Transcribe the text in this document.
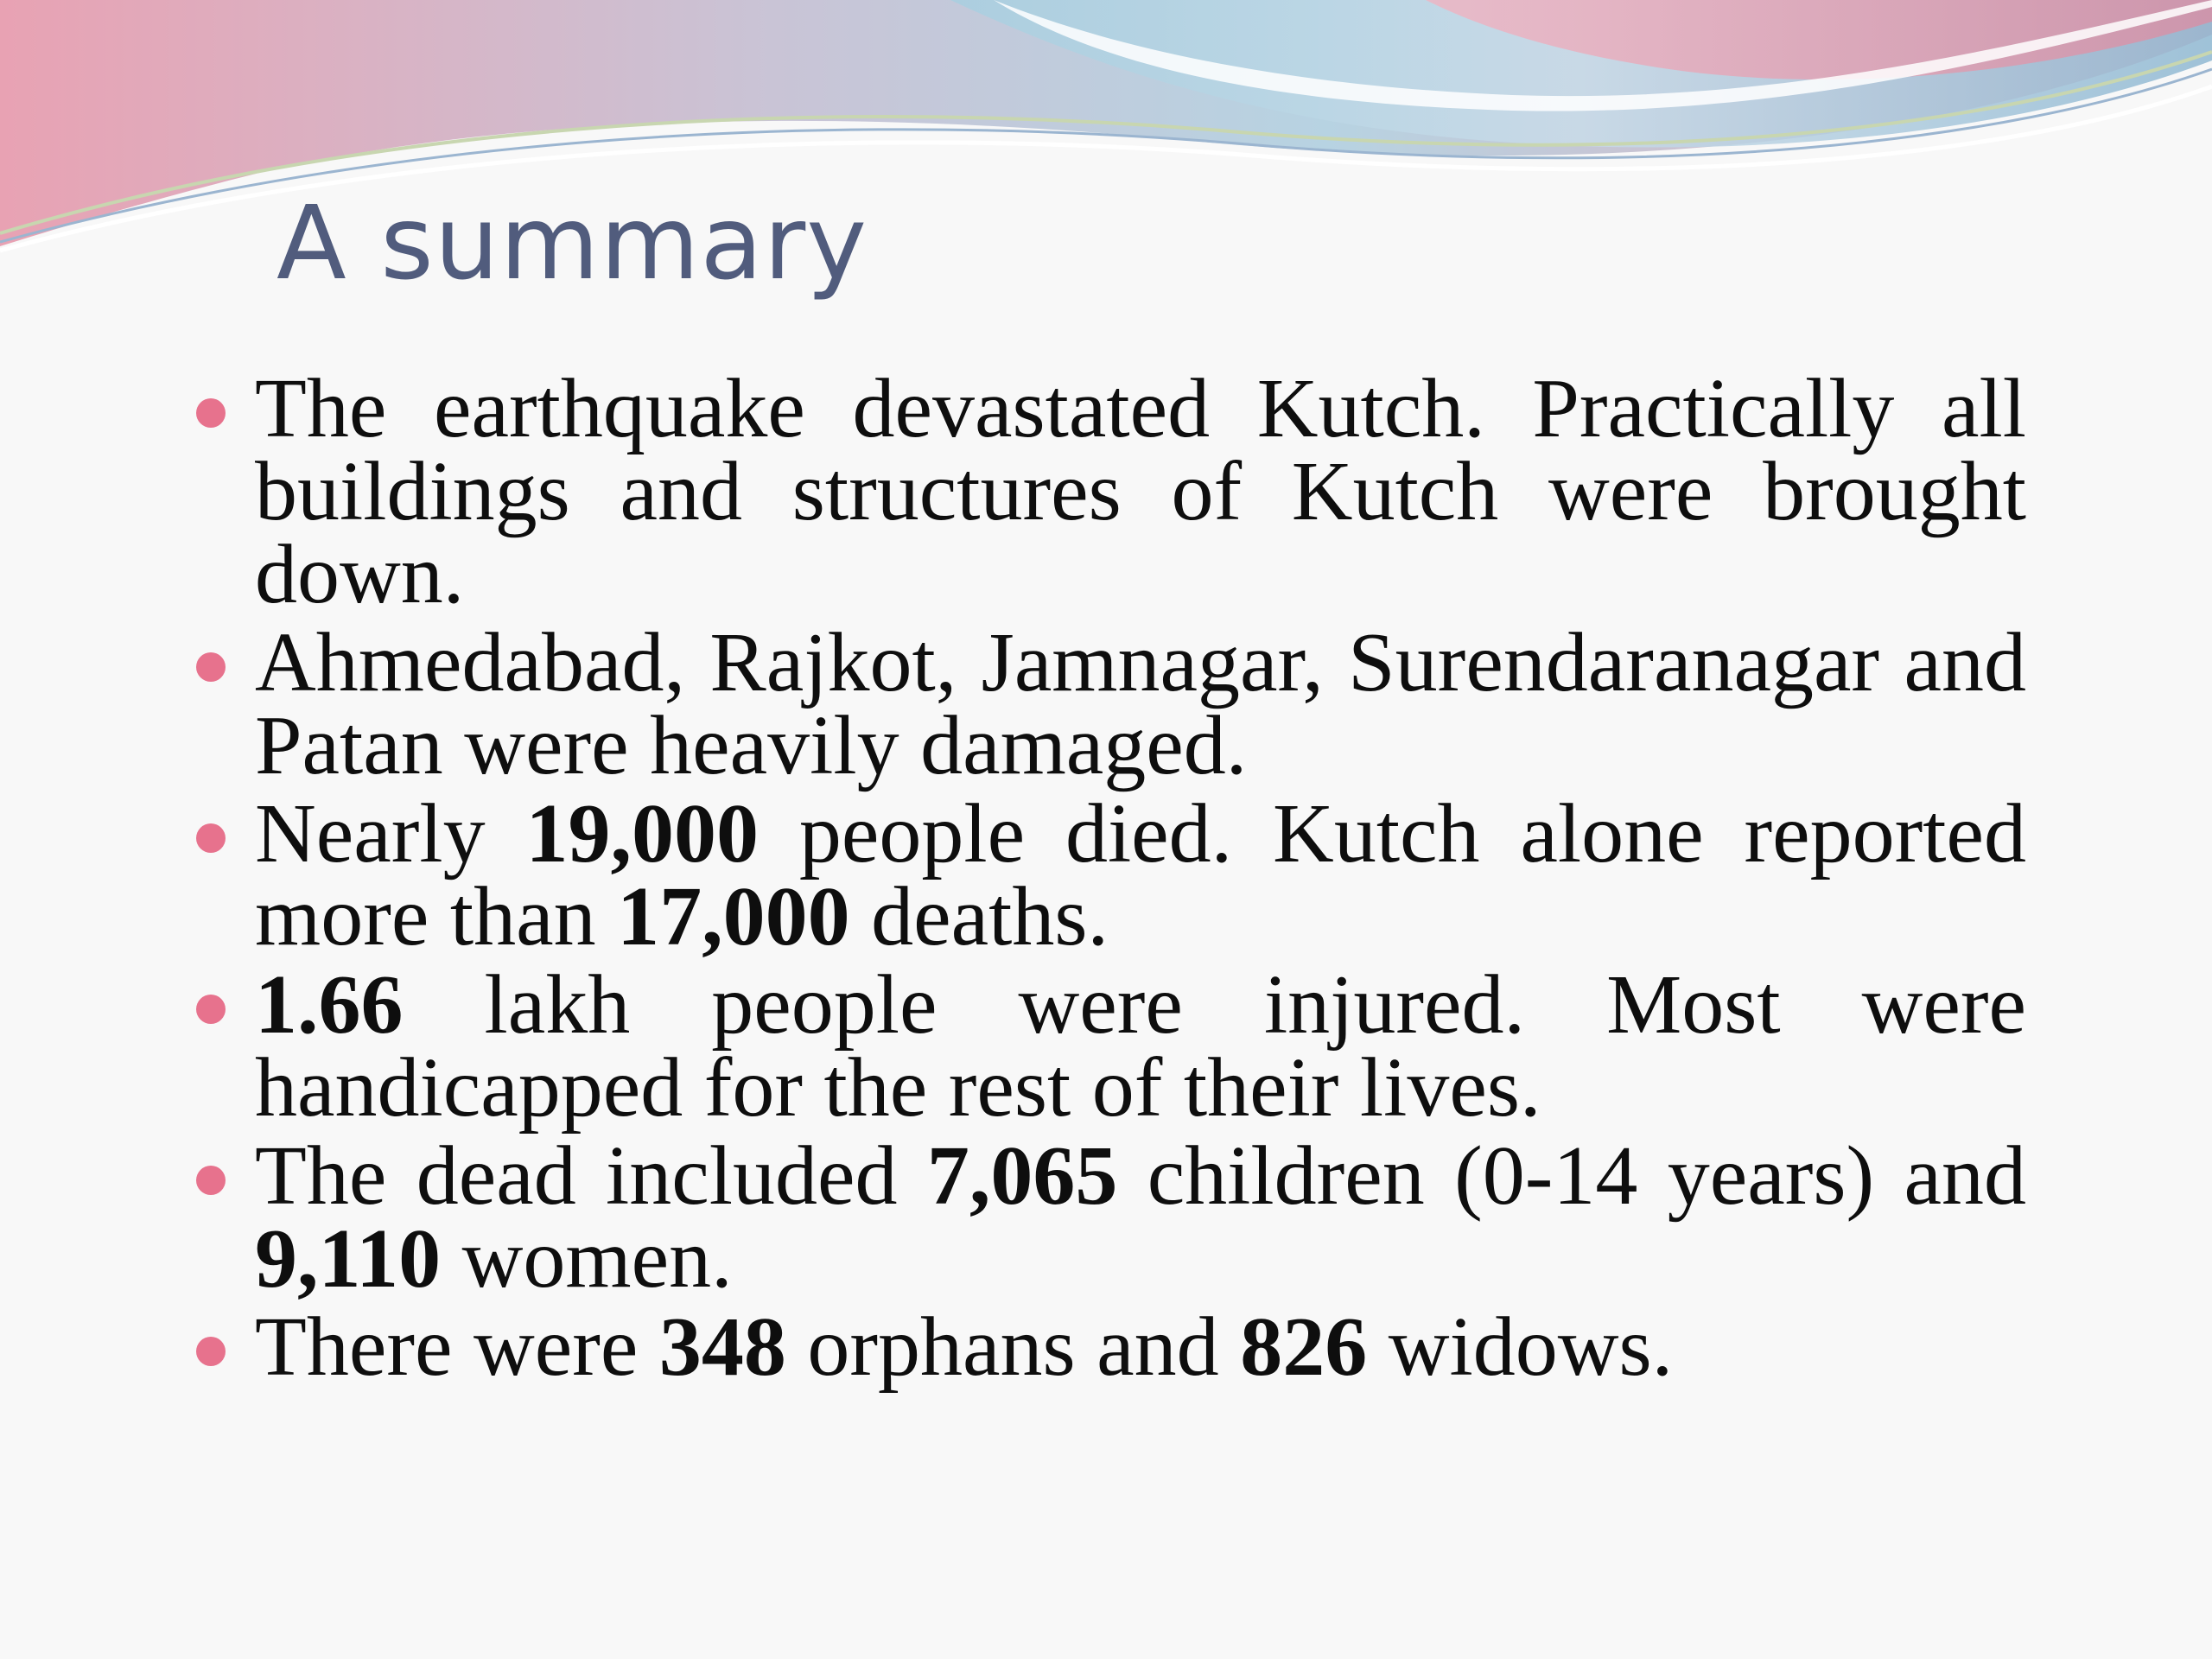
A summary
The earthquake devastated Kutch. Practically all buildings and structures of Kutch were brought down.
Ahmedabad, Rajkot, Jamnagar, Surendaranagar and Patan were heavily damaged.
Nearly 19,000 people died. Kutch alone reported more than 17,000 deaths.
1.66 lakh people were injured. Most were handicapped for the rest of their lives.
The dead included 7,065 children (0-14 years) and 9,110 women.
There were 348 orphans and 826 widows.
